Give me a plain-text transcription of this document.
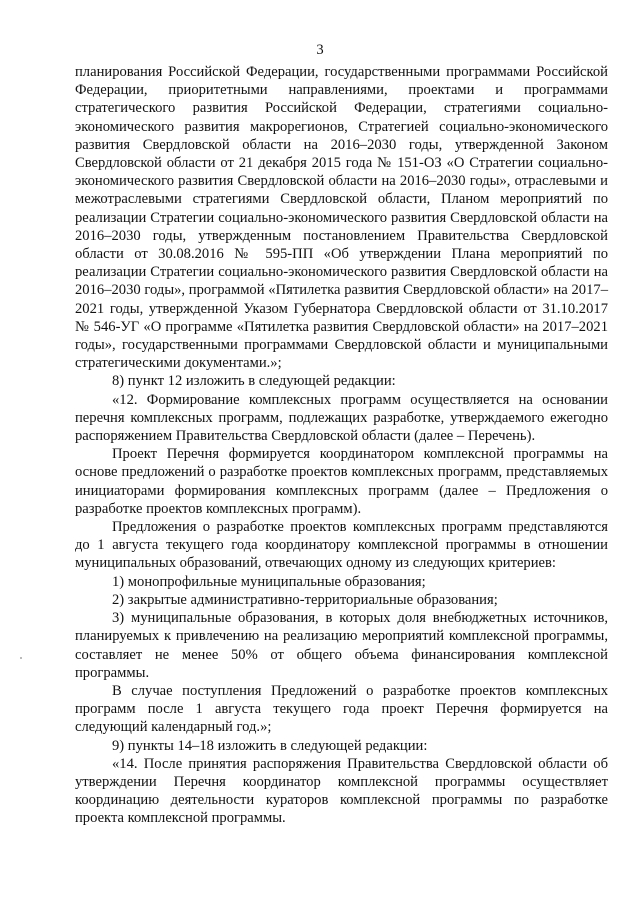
3

планирования Российской Федерации, государственными программами Российской Федерации, приоритетными направлениями, проектами и программами стратегического развития Российской Федерации, стратегиями социально-экономического развития макрорегионов, Стратегией социально-экономического развития Свердловской области на 2016–2030 годы, утвержденной Законом Свердловской области от 21 декабря 2015 года № 151-ОЗ «О Стратегии социально-экономического развития Свердловской области на 2016–2030 годы», отраслевыми и межотраслевыми стратегиями Свердловской области, Планом мероприятий по реализации Стратегии социально-экономического развития Свердловской области на 2016–2030 годы, утвержденным постановлением Правительства Свердловской области от 30.08.2016 № 595-ПП «Об утверждении Плана мероприятий по реализации Стратегии социально-экономического развития Свердловской области на 2016–2030 годы», программой «Пятилетка развития Свердловской области» на 2017–2021 годы, утвержденной Указом Губернатора Свердловской области от 31.10.2017 № 546-УГ «О программе «Пятилетка развития Свердловской области» на 2017–2021 годы», государственными программами Свердловской области и муниципальными стратегическими документами.»;

8) пункт 12 изложить в следующей редакции:

«12. Формирование комплексных программ осуществляется на основании перечня комплексных программ, подлежащих разработке, утверждаемого ежегодно распоряжением Правительства Свердловской области (далее – Перечень).

Проект Перечня формируется координатором комплексной программы на основе предложений о разработке проектов комплексных программ, представляемых инициаторами формирования комплексных программ (далее – Предложения о разработке проектов комплексных программ).

Предложения о разработке проектов комплексных программ представляются до 1 августа текущего года координатору комплексной программы в отношении муниципальных образований, отвечающих одному из следующих критериев:

1) монопрофильные муниципальные образования;

2) закрытые административно-территориальные образования;

3) муниципальные образования, в которых доля внебюджетных источников, планируемых к привлечению на реализацию мероприятий комплексной программы, составляет не менее 50% от общего объема финансирования комплексной программы.

В случае поступления Предложений о разработке проектов комплексных программ после 1 августа текущего года проект Перечня формируется на следующий календарный год.»;

9) пункты 14–18 изложить в следующей редакции:

«14. После принятия распоряжения Правительства Свердловской области об утверждении Перечня координатор комплексной программы осуществляет координацию деятельности кураторов комплексной программы по разработке проекта комплексной программы.
